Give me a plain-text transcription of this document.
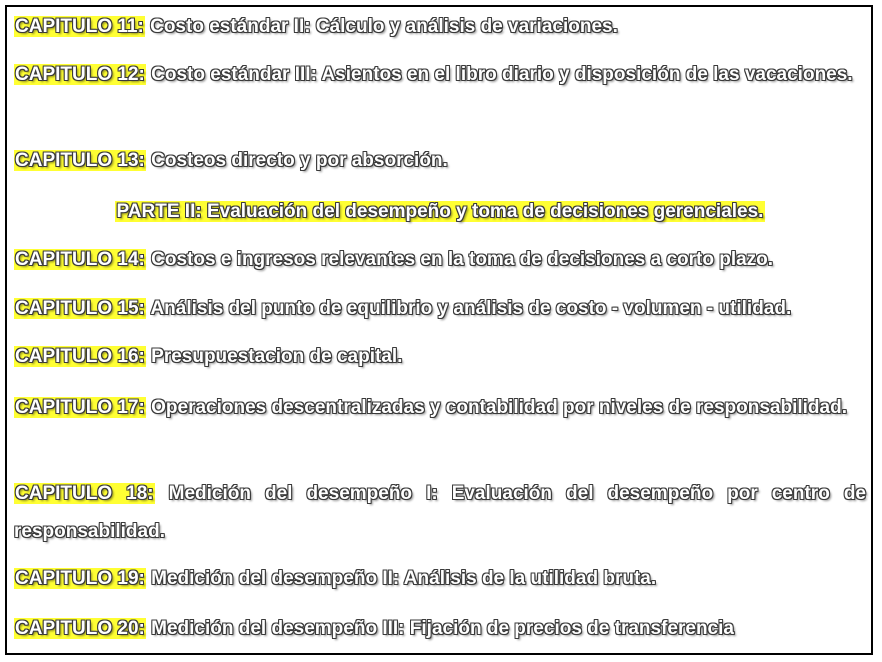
CAPITULO 11: Costo estándar II: Cálculo y análisis de variaciones.
CAPITULO 12: Costo estándar III: Asientos en el libro diario y disposición de las vacaciones.
CAPITULO 13: Costeos directo y por absorción.
PARTE II: Evaluación del desempeño y toma de decisiones gerenciales.
CAPITULO 14: Costos e ingresos relevantes en la toma de decisiones a corto plazo.
CAPITULO 15: Análisis del punto de equilibrio y análisis de costo - volumen - utilidad.
CAPITULO 16: Presupuestacion de capital.
CAPITULO 17: Operaciones descentralizadas y contabilidad por niveles de responsabilidad.
CAPITULO 18: Medición del desempeño I: Evaluación del desempeño por centro de responsabilidad.
CAPITULO 19: Medición del desempeño II: Análisis de la utilidad bruta.
CAPITULO 20: Medición del desempeño III: Fijación de precios de transferencia
